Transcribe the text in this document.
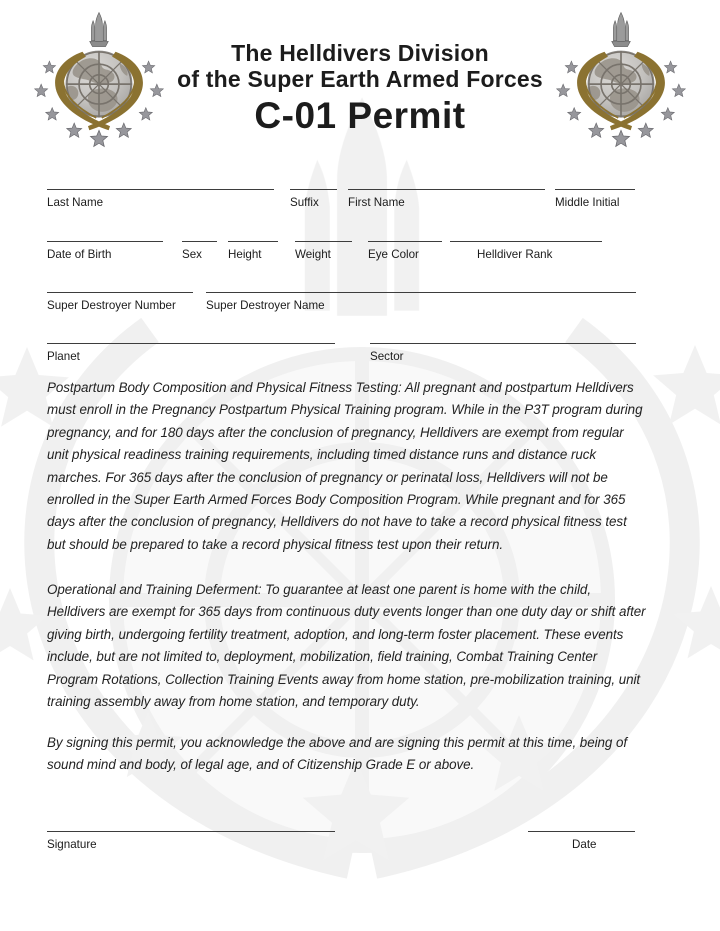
The Helldivers Division
of the Super Earth Armed Forces
C-01 Permit
Last Name	Suffix	First Name	Middle Initial
Date of Birth	Sex	Height	Weight	Eye Color	Helldiver Rank
Super Destroyer Number	Super Destroyer Name
Planet	Sector
Postpartum Body Composition and Physical Fitness Testing: All pregnant and postpartum Helldivers must enroll in the Pregnancy Postpartum Physical Training program. While in the P3T program during pregnancy, and for 180 days after the conclusion of pregnancy, Helldivers are exempt from regular unit physical readiness training requirements, including timed distance runs and distance ruck marches. For 365 days after the conclusion of pregnancy or perinatal loss, Helldivers will not be enrolled in the Super Earth Armed Forces Body Composition Program. While pregnant and for 365 days after the conclusion of pregnancy, Helldivers do not have to take a record physical fitness test but should be prepared to take a record physical fitness test upon their return.
Operational and Training Deferment: To guarantee at least one parent is home with the child, Helldivers are exempt for 365 days from continuous duty events longer than one duty day or shift after giving birth, undergoing fertility treatment, adoption, and long-term foster placement. These events include, but are not limited to, deployment, mobilization, field training, Combat Training Center Program Rotations, Collection Training Events away from home station, pre-mobilization training, unit training assembly away from home station, and temporary duty.
By signing this permit, you acknowledge the above and are signing this permit at this time, being of sound mind and body, of legal age, and of Citizenship Grade E or above.
Signature	Date
